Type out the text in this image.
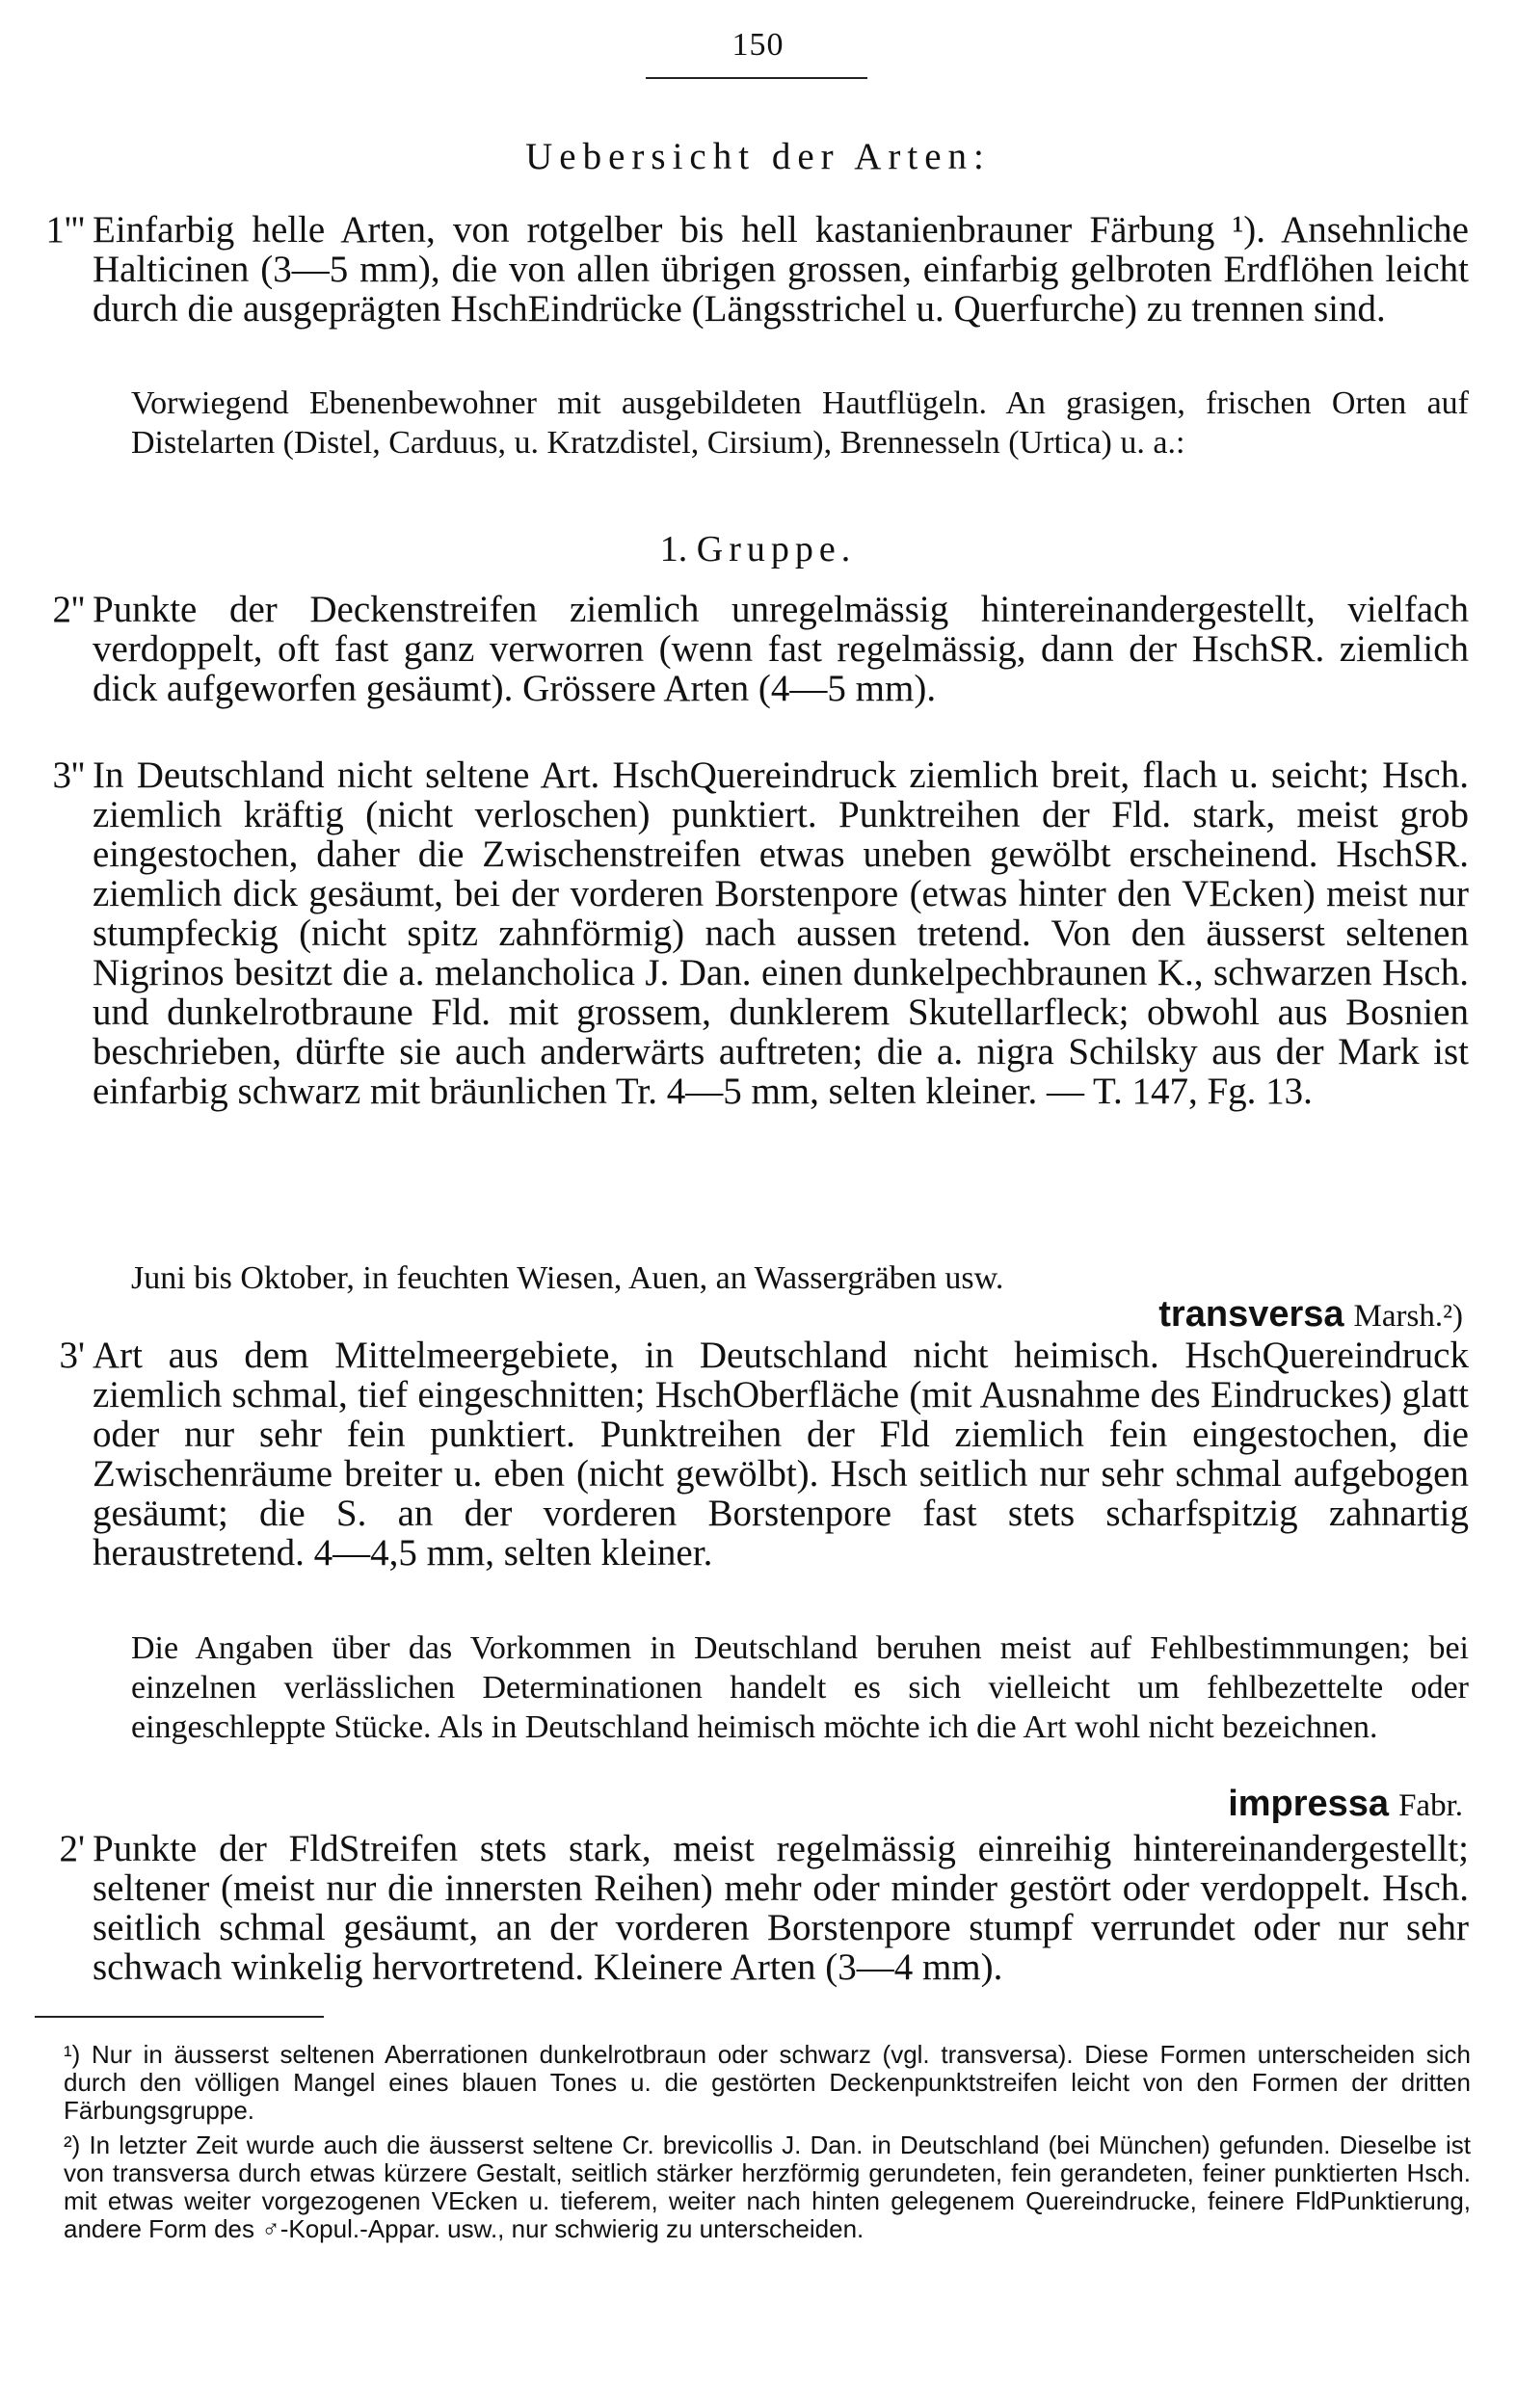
150
Uebersicht der Arten:
1''' Einfarbig helle Arten, von rotgelber bis hell kastanienbrauner Färbung ¹). Ansehnliche Halticinen (3—5 mm), die von allen übrigen grossen, einfarbig gelbroten Erdflöhen leicht durch die ausgeprägten HschEindrücke (Längsstrichel u. Querfurche) zu trennen sind.
Vorwiegend Ebenenbewohner mit ausgebildeten Hautflügeln. An grasigen, frischen Orten auf Distelarten (Distel, Carduus, u. Kratzdistel, Cirsium), Brennesseln (Urtica) u. a.:
1. Gruppe.
2'' Punkte der Deckenstreifen ziemlich unregelmässig hintereinandergestellt, vielfach verdoppelt, oft fast ganz verworren (wenn fast regelmässig, dann der HschSR. ziemlich dick aufgeworfen gesäumt). Grössere Arten (4—5 mm).
3'' In Deutschland nicht seltene Art. HschQuereindruck ziemlich breit, flach u. seicht; Hsch. ziemlich kräftig (nicht verloschen) punktiert. Punktreihen der Fld. stark, meist grob eingestochen, daher die Zwischenstreifen etwas uneben gewölbt erscheinend. HschSR. ziemlich dick gesäumt, bei der vorderen Borstenpore (etwas hinter den VEcken) meist nur stumpfeckig (nicht spitz zahnförmig) nach aussen tretend. Von den äusserst seltenen Nigrinos besitzt die a. melancholica J. Dan. einen dunkelpechbraunen K., schwarzen Hsch. und dunkelrotbraune Fld. mit grossem, dunklerem Skutellarfleck; obwohl aus Bosnien beschrieben, dürfte sie auch anderwärts auftreten; die a. nigra Schilsky aus der Mark ist einfarbig schwarz mit bräunlichen Tr. 4—5 mm, selten kleiner. — T. 147, Fg. 13.
Juni bis Oktober, in feuchten Wiesen, Auen, an Wassergräben usw.
transversa Marsh.²)
3' Art aus dem Mittelmeergebiete, in Deutschland nicht heimisch. HschQuereindruck ziemlich schmal, tief eingeschnitten; HschOberfläche (mit Ausnahme des Eindruckes) glatt oder nur sehr fein punktiert. Punktreihen der Fld ziemlich fein eingestochen, die Zwischenräume breiter u. eben (nicht gewölbt). Hsch seitlich nur sehr schmal aufgebogen gesäumt; die S. an der vorderen Borstenpore fast stets scharfspitzig zahnartig heraustretend. 4—4,5 mm, selten kleiner.
Die Angaben über das Vorkommen in Deutschland beruhen meist auf Fehlbestimmungen; bei einzelnen verlässlichen Determinationen handelt es sich vielleicht um fehlbezettelte oder eingeschleppte Stücke. Als in Deutschland heimisch möchte ich die Art wohl nicht bezeichnen.
impressa Fabr.
2' Punkte der FldStreifen stets stark, meist regelmässig einreihig hintereinandergestellt; seltener (meist nur die innersten Reihen) mehr oder minder gestört oder verdoppelt. Hsch. seitlich schmal gesäumt, an der vorderen Borstenpore stumpf verrundet oder nur sehr schwach winkelig hervortretend. Kleinere Arten (3—4 mm).
¹) Nur in äusserst seltenen Aberrationen dunkelrotbraun oder schwarz (vgl. transversa). Diese Formen unterscheiden sich durch den völligen Mangel eines blauen Tones u. die gestörten Deckenpunktstreifen leicht von den Formen der dritten Färbungsgruppe.
²) In letzter Zeit wurde auch die äusserst seltene Cr. brevicollis J. Dan. in Deutschland (bei München) gefunden. Dieselbe ist von transversa durch etwas kürzere Gestalt, seitlich stärker herzförmig gerundeten, fein gerandeten, feiner punktierten Hsch. mit etwas weiter vorgezogenen VEcken u. tieferem, weiter nach hinten gelegenem Quereindrucke, feinere FldPunktierung, andere Form des ♂-Kopul.-Appar. usw., nur schwierig zu unterscheiden.
